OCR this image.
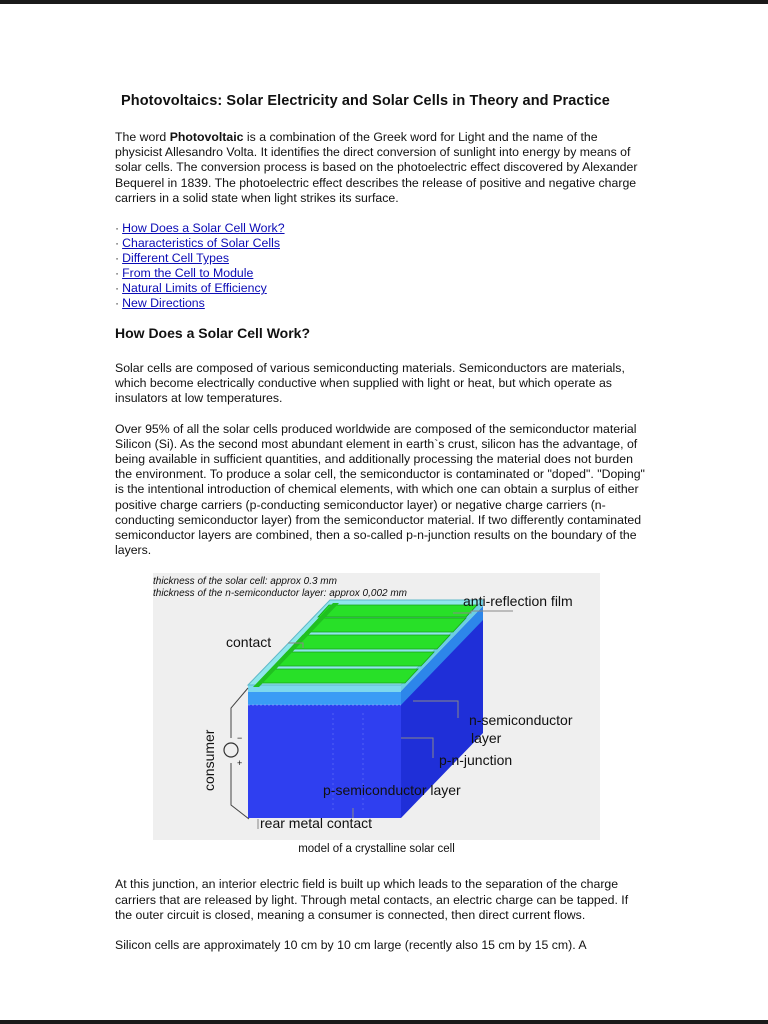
Photovoltaics: Solar Electricity and Solar Cells in Theory and Practice

The word Photovoltaic is a combination of the Greek word for Light and the name of the physicist Allesandro Volta. It identifies the direct conversion of sunlight into energy by means of solar cells. The conversion process is based on the photoelectric effect discovered by Alexander Bequerel in 1839. The photoelectric effect describes the release of positive and negative charge carriers in a solid state when light strikes its surface.

· How Does a Solar Cell Work?
· Characteristics of Solar Cells
· Different Cell Types
· From the Cell to Module
· Natural Limits of Efficiency
· New Directions
How Does a Solar Cell Work?

Solar cells are composed of various semiconducting materials. Semiconductors are materials, which become electrically conductive when supplied with light or heat, but which operate as insulators at low temperatures.

Over 95% of all the solar cells produced worldwide are composed of the semiconductor material Silicon (Si). As the second most abundant element in earth`s crust, silicon has the advantage, of being available in sufficient quantities, and additionally processing the material does not burden the environment. To produce a solar cell, the semiconductor is contaminated or "doped". "Doping" is the intentional introduction of chemical elements, with which one can obtain a surplus of either positive charge carriers (p-conducting semiconductor layer) or negative charge carriers (n-conducting semiconductor layer) from the semiconductor material. If two differently contaminated semiconductor layers are combined, then a so-called p-n-junction results on the boundary of the layers.

thickness of the solar cell: approx 0.3 mm
thickness of the n-semiconductor layer: approx 0,002 mm	anti-reflection film
contact
n-semiconductor
layer
p-n-junction
p-semiconductor layer
rear metal contact
consumer −
+
model of a crystalline solar cell

At this junction, an interior electric field is built up which leads to the separation of the charge carriers that are released by light. Through metal contacts, an electric charge can be tapped. If the outer circuit is closed, meaning a consumer is connected, then direct current flows.

Silicon cells are approximately 10 cm by 10 cm large (recently also 15 cm by 15 cm). A
